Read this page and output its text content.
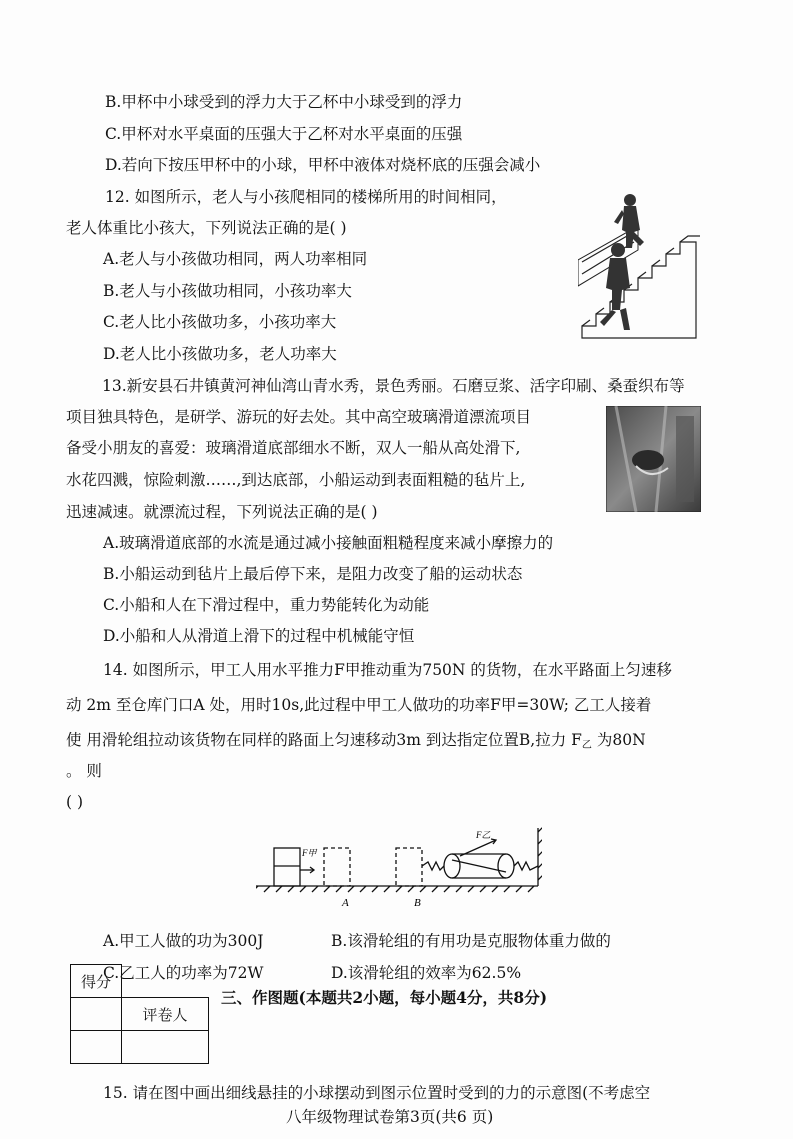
B.甲杯中小球受到的浮力大于乙杯中小球受到的浮力
C.甲杯对水平桌面的压强大于乙杯对水平桌面的压强
D.若向下按压甲杯中的小球，甲杯中液体对烧杯底的压强会减小
12. 如图所示，老人与小孩爬相同的楼梯所用的时间相同，
老人体重比小孩大，下列说法正确的是( )
A.老人与小孩做功相同，两人功率相同
B.老人与小孩做功相同，小孩功率大
C.老人比小孩做功多，小孩功率大
D.老人比小孩做功多，老人功率大
13.新安县石井镇黄河神仙湾山青水秀，景色秀丽。石磨豆浆、活字印刷、桑蚕织布等
项目独具特色，是研学、游玩的好去处。其中高空玻璃滑道漂流项目
备受小朋友的喜爱：玻璃滑道底部细水不断，双人一船从高处滑下,
水花四溅，惊险刺激……,到达底部，小船运动到表面粗糙的毡片上,
迅速减速。就漂流过程，下列说法正确的是( )
A.玻璃滑道底部的水流是通过减小接触面粗糙程度来减小摩擦力的
B.小船运动到毡片上最后停下来，是阻力改变了船的运动状态
C.小船和人在下滑过程中，重力势能转化为动能
D.小船和人从滑道上滑下的过程中机械能守恒
14. 如图所示，甲工人用水平推力F甲推动重为750N 的货物，在水平路面上匀速移
动 2m 至仓库门口A 处，用时10s,此过程中甲工人做功的功率F甲=30W; 乙工人接着
使 用滑轮组拉动该货物在同样的路面上匀速移动3m 到达指定位置B,拉力 F乙 为80N
。 则
( )
F甲
F乙
A	B
A.甲工人做的功为300J	B.该滑轮组的有用功是克服物体重力做的
C.乙工人的功率为72W	D.该滑轮组的效率为62.5%
得分	
	评卷人

三、作图题(本题共2小题，每小题4分，共8分)
15. 请在图中画出细线悬挂的小球摆动到图示位置时受到的力的示意图(不考虑空
八年级物理试卷第3页(共6 页)
